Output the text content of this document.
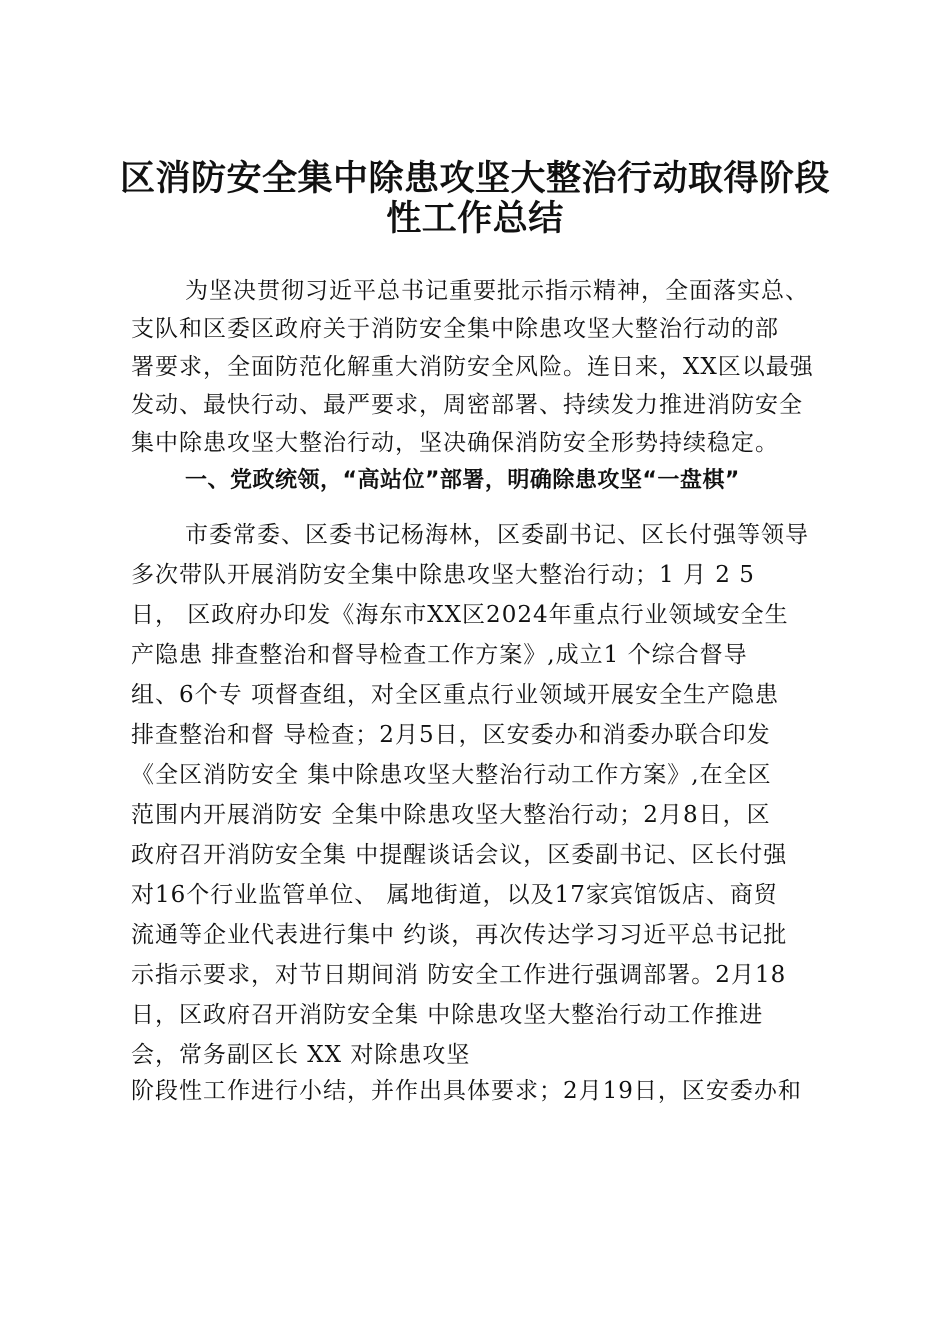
区消防安全集中除患攻坚大整治行动取得阶段
性工作总结
为坚决贯彻习近平总书记重要批示指示精神，全面落实总、
支队和区委区政府关于消防安全集中除患攻坚大整治行动的部
署要求，全面防范化解重大消防安全风险。连日来，XX区以最强
发动、最快行动、最严要求，周密部署、持续发力推进消防安全
集中除患攻坚大整治行动，坚决确保消防安全形势持续稳定。
一、党政统领，“高站位”部署，明确除患攻坚“一盘棋”
市委常委、区委书记杨海林，区委副书记、区长付强等领导
多次带队开展消防安全集中除患攻坚大整治行动；1 月 2 5
日， 区政府办印发《海东市XX区2024年重点行业领域安全生
产隐患 排查整治和督导检查工作方案》,成立1 个综合督导
组、6个专 项督查组，对全区重点行业领域开展安全生产隐患
排查整治和督 导检查；2月5日，区安委办和消委办联合印发
《全区消防安全 集中除患攻坚大整治行动工作方案》,在全区
范围内开展消防安 全集中除患攻坚大整治行动；2月8日，区
政府召开消防安全集 中提醒谈话会议，区委副书记、区长付强
对16个行业监管单位、 属地街道，以及17家宾馆饭店、商贸
流通等企业代表进行集中 约谈，再次传达学习习近平总书记批
示指示要求，对节日期间消 防安全工作进行强调部署。2月18
日，区政府召开消防安全集 中除患攻坚大整治行动工作推进
会，常务副区长 XX 对除患攻坚
阶段性工作进行小结，并作出具体要求；2月19日，区安委办和
